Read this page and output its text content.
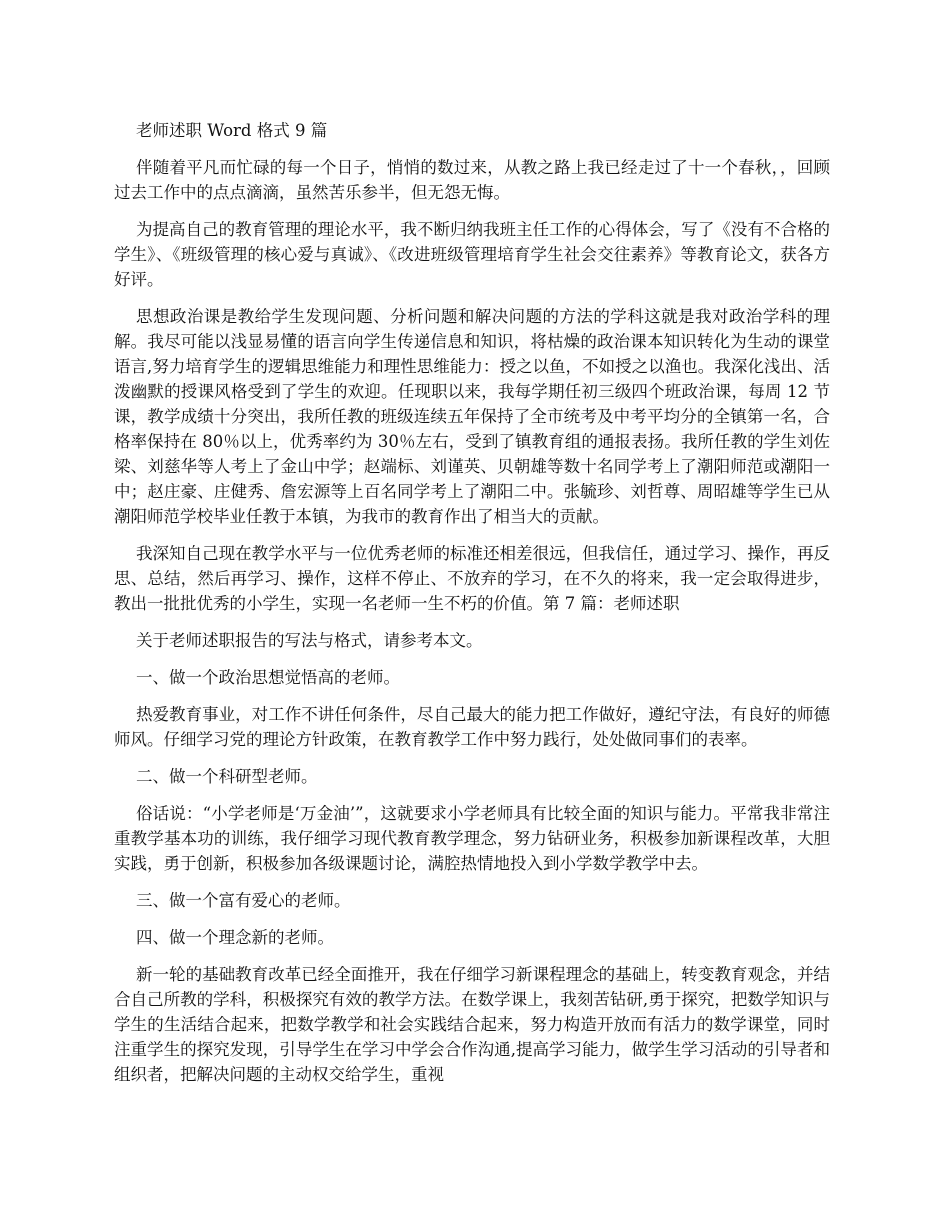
老师述职 Word 格式 9 篇

伴随着平凡而忙碌的每一个日子，悄悄的数过来，从教之路上我已经走过了十一个春秋，，回顾过去工作中的点点滴滴，虽然苦乐参半，但无怨无悔。

为提高自己的教育管理的理论水平，我不断归纳我班主任工作的心得体会，写了《没有不合格的学生》、《班级管理的核心爱与真诚》、《改进班级管理培育学生社会交往素养》等教育论文，获各方好评。

思想政治课是教给学生发现问题、分析问题和解决问题的方法的学科这就是我对政治学科的理解。我尽可能以浅显易懂的语言向学生传递信息和知识，将枯燥的政治课本知识转化为生动的课堂语言,努力培育学生的逻辑思维能力和理性思维能力：授之以鱼，不如授之以渔也。我深化浅出、活泼幽默的授课风格受到了学生的欢迎。任现职以来，我每学期任初三级四个班政治课，每周 12 节课，教学成绩十分突出，我所任教的班级连续五年保持了全市统考及中考平均分的全镇第一名，合格率保持在 80％以上，优秀率约为 30％左右，受到了镇教育组的通报表扬。我所任教的学生刘佐梁、刘慈华等人考上了金山中学；赵端标、刘谨英、贝朝雄等数十名同学考上了潮阳师范或潮阳一中；赵庄豪、庄健秀、詹宏源等上百名同学考上了潮阳二中。张毓珍、刘哲尊、周昭雄等学生已从潮阳师范学校毕业任教于本镇，为我市的教育作出了相当大的贡献。

我深知自己现在教学水平与一位优秀老师的标准还相差很远，但我信任，通过学习、操作，再反思、总结，然后再学习、操作，这样不停止、不放弃的学习，在不久的将来，我一定会取得进步，教出一批批优秀的小学生，实现一名老师一生不朽的价值。第 7 篇：老师述职

关于老师述职报告的写法与格式，请参考本文。

一、做一个政治思想觉悟高的老师。

热爱教育事业，对工作不讲任何条件，尽自己最大的能力把工作做好，遵纪守法，有良好的师德师风。仔细学习党的理论方针政策，在教育教学工作中努力践行，处处做同事们的表率。

二、做一个科研型老师。

俗话说：“小学老师是‘万金油’”，这就要求小学老师具有比较全面的知识与能力。平常我非常注重教学基本功的训练，我仔细学习现代教育教学理念，努力钻研业务，积极参加新课程改革，大胆实践，勇于创新，积极参加各级课题讨论，满腔热情地投入到小学数学教学中去。

三、做一个富有爱心的老师。

四、做一个理念新的老师。

新一轮的基础教育改革已经全面推开，我在仔细学习新课程理念的基础上，转变教育观念，并结合自己所教的学科，积极探究有效的教学方法。在数学课上，我刻苦钻研,勇于探究，把数学知识与学生的生活结合起来，把数学教学和社会实践结合起来，努力构造开放而有活力的数学课堂，同时注重学生的探究发现，引导学生在学习中学会合作沟通,提高学习能力，做学生学习活动的引导者和组织者，把解决问题的主动权交给学生，重视
